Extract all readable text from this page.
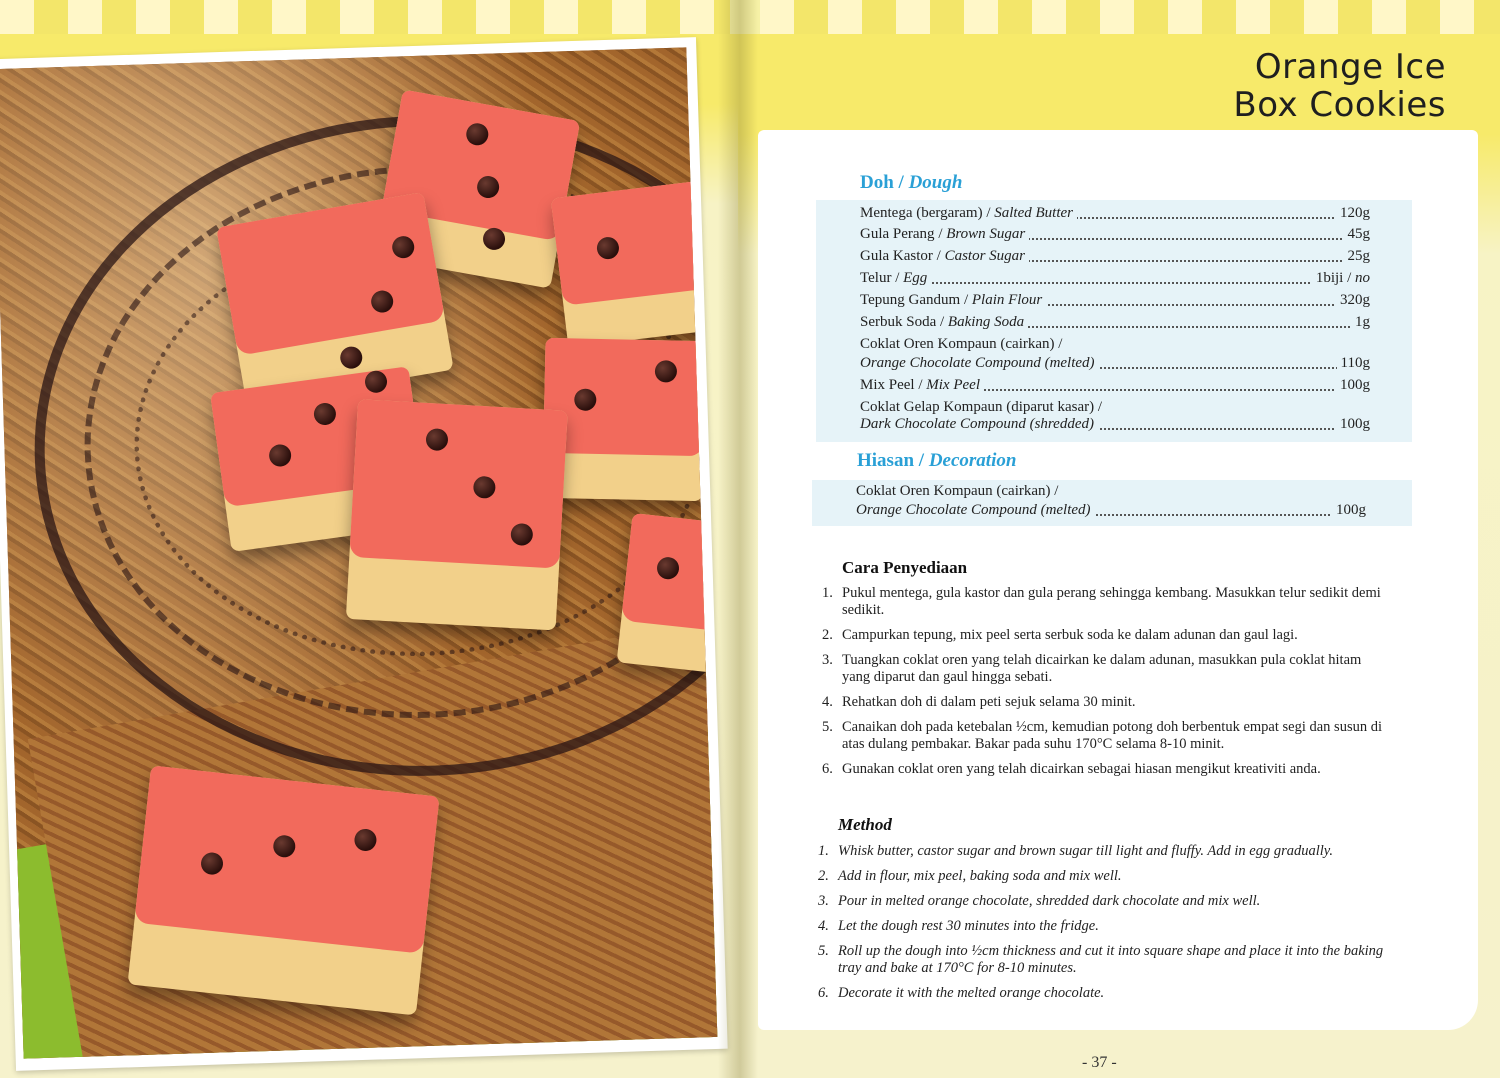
Orange Ice
Box Cookies
Doh / Dough
Mentega (bergaram) / Salted Butter	120g
Gula Perang / Brown Sugar	45g
Gula Kastor / Castor Sugar	25g
Telur / Egg	1biji / no
Tepung Gandum / Plain Flour	320g
Serbuk Soda / Baking Soda	1g
Coklat Oren Kompaun (cairkan) /
Orange Chocolate Compound (melted)	110g
Mix Peel / Mix Peel	100g
Coklat Gelap Kompaun (diparut kasar) /
Dark Chocolate Compound (shredded)	100g
Hiasan / Decoration
Coklat Oren Kompaun (cairkan) /
Orange Chocolate Compound (melted)	100g
Cara Penyediaan
1. Pukul mentega, gula kastor dan gula perang sehingga kembang. Masukkan telur sedikit demi sedikit.
2. Campurkan tepung, mix peel serta serbuk soda ke dalam adunan dan gaul lagi.
3. Tuangkan coklat oren yang telah dicairkan ke dalam adunan, masukkan pula coklat hitam yang diparut dan gaul hingga sebati.
4. Rehatkan doh di dalam peti sejuk selama 30 minit.
5. Canaikan doh pada ketebalan ½cm, kemudian potong doh berbentuk empat segi dan susun di atas dulang pembakar. Bakar pada suhu 170°C selama 8-10 minit.
6. Gunakan coklat oren yang telah dicairkan sebagai hiasan mengikut kreativiti anda.
Method
1. Whisk butter, castor sugar and brown sugar till light and fluffy. Add in egg gradually.
2. Add in flour, mix peel, baking soda and mix well.
3. Pour in melted orange chocolate, shredded dark chocolate and mix well.
4. Let the dough rest 30 minutes into the fridge.
5. Roll up the dough into ½cm thickness and cut it into square shape and place it into the baking tray and bake at 170°C for 8-10 minutes.
6. Decorate it with the melted orange chocolate.
- 37 -
